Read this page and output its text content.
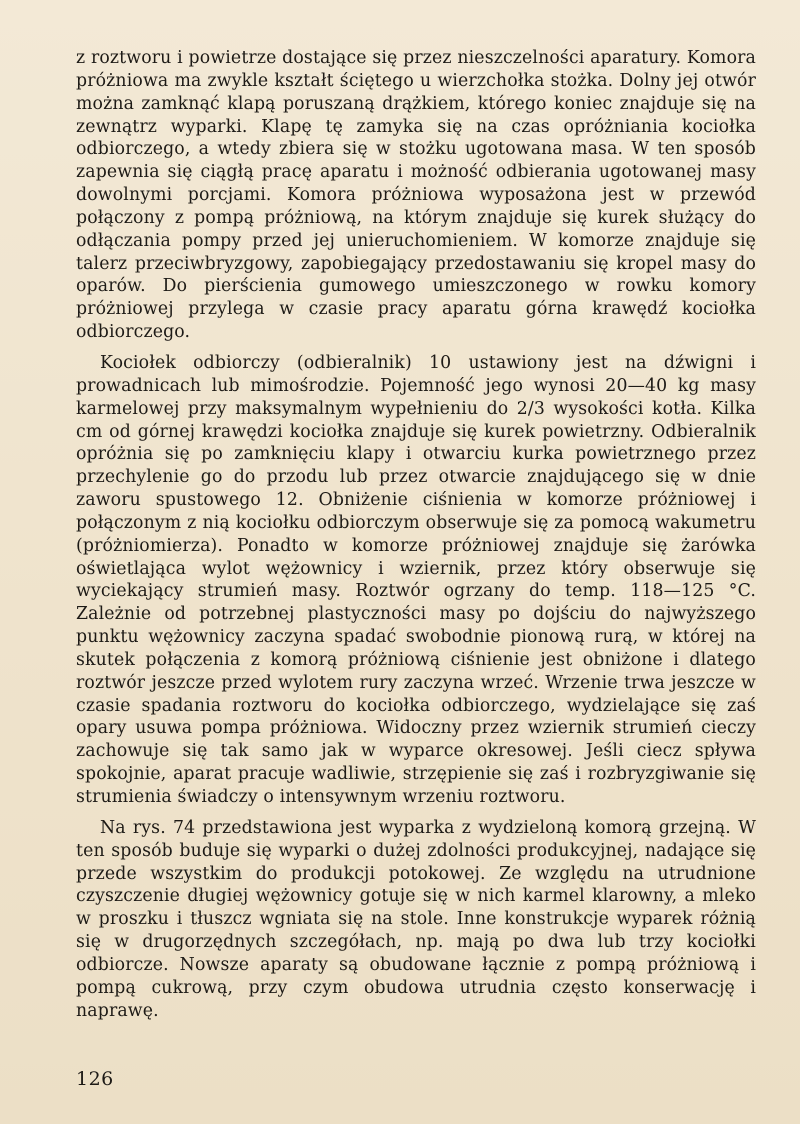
z roztworu i powietrze dostające się przez nieszczelności aparatury. Komora próżniowa ma zwykle kształt ściętego u wierzchołka stożka. Dolny jej otwór można zamknąć klapą poruszaną drążkiem, którego koniec znajduje się na zewnątrz wyparki. Klapę tę zamyka się na czas opróżniania kociołka odbiorczego, a wtedy zbiera się w stożku ugotowana masa. W ten sposób zapewnia się ciągłą pracę aparatu i możność odbierania ugotowanej masy dowolnymi porcjami. Komora próżniowa wyposażona jest w przewód połączony z pompą próżniową, na którym znajduje się kurek służący do odłączania pompy przed jej unieruchomieniem. W komorze znajduje się talerz przeciwbryzgowy, zapobiegający przedostawaniu się kropel masy do oparów. Do pierścienia gumowego umieszczonego w rowku komory próżniowej przylega w czasie pracy aparatu górna krawędź kociołka odbiorczego.

Kociołek odbiorczy (odbieralnik) 10 ustawiony jest na dźwigni i prowadnicach lub mimośrodzie. Pojemność jego wynosi 20—40 kg masy karmelowej przy maksymalnym wypełnieniu do 2/3 wysokości kotła. Kilka cm od górnej krawędzi kociołka znajduje się kurek powietrzny. Odbieralnik opróżnia się po zamknięciu klapy i otwarciu kurka powietrznego przez przechylenie go do przodu lub przez otwarcie znajdującego się w dnie zaworu spustowego 12. Obniżenie ciśnienia w komorze próżniowej i połączonym z nią kociołku odbiorczym obserwuje się za pomocą wakumetru (próżniomierza). Ponadto w komorze próżniowej znajduje się żarówka oświetlająca wylot wężownicy i wziernik, przez który obserwuje się wyciekający strumień masy. Roztwór ogrzany do temp. 118—125 °C. Zależnie od potrzebnej plastyczności masy po dojściu do najwyższego punktu wężownicy zaczyna spadać swobodnie pionową rurą, w której na skutek połączenia z komorą próżniową ciśnienie jest obniżone i dlatego roztwór jeszcze przed wylotem rury zaczyna wrzeć. Wrzenie trwa jeszcze w czasie spadania roztworu do kociołka odbiorczego, wydzielające się zaś opary usuwa pompa próżniowa. Widoczny przez wziernik strumień cieczy zachowuje się tak samo jak w wyparce okresowej. Jeśli ciecz spływa spokojnie, aparat pracuje wadliwie, strzępienie się zaś i rozbryzgiwanie się strumienia świadczy o intensywnym wrzeniu roztworu.

Na rys. 74 przedstawiona jest wyparka z wydzieloną komorą grzejną. W ten sposób buduje się wyparki o dużej zdolności produkcyjnej, nadające się przede wszystkim do produkcji potokowej. Ze względu na utrudnione czyszczenie długiej wężownicy gotuje się w nich karmel klarowny, a mleko w proszku i tłuszcz wgniata się na stole. Inne konstrukcje wyparek różnią się w drugorzędnych szczegółach, np. mają po dwa lub trzy kociołki odbiorcze. Nowsze aparaty są obudowane łącznie z pompą próżniową i pompą cukrową, przy czym obudowa utrudnia często konserwację i naprawę.

126
